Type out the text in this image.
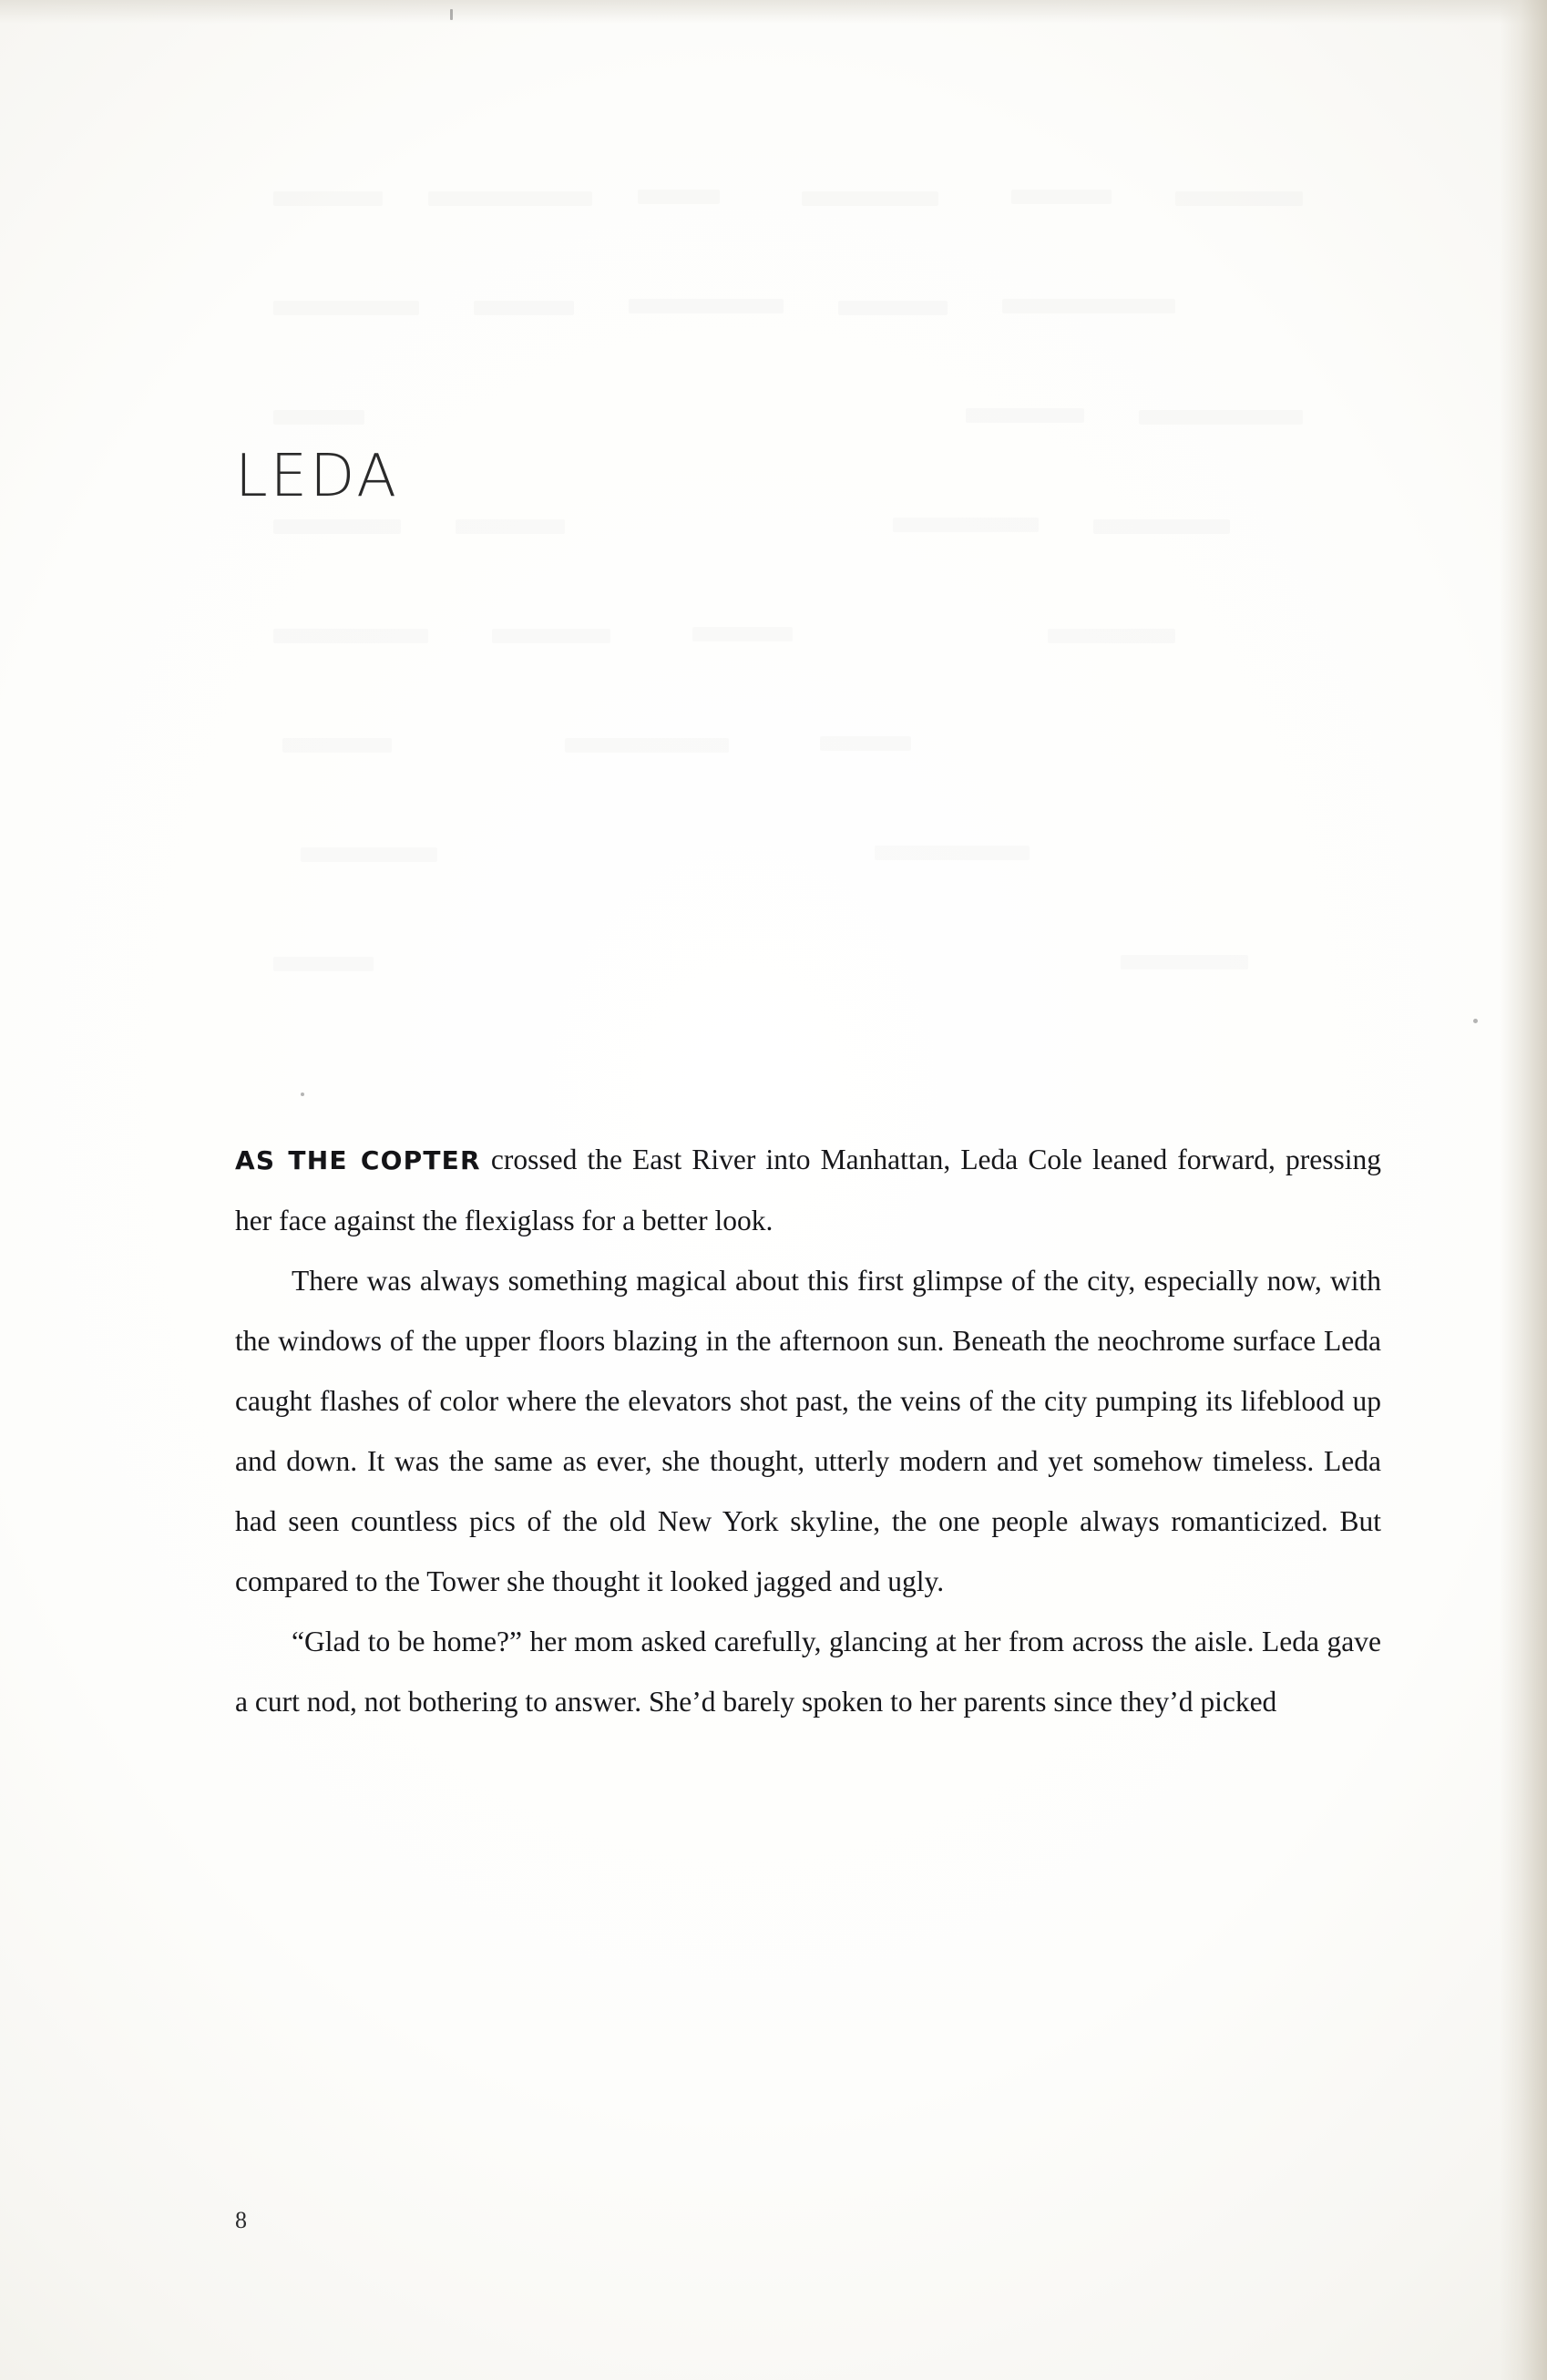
LEDA

AS THE COPTER crossed the East River into Manhattan, Leda Cole leaned forward, pressing her face against the flexiglass for a better look.

There was always something magical about this first glimpse of the city, especially now, with the windows of the upper floors blazing in the afternoon sun. Beneath the neochrome surface Leda caught flashes of color where the elevators shot past, the veins of the city pumping its lifeblood up and down. It was the same as ever, she thought, utterly modern and yet somehow timeless. Leda had seen countless pics of the old New York skyline, the one people always romanticized. But compared to the Tower she thought it looked jagged and ugly.

“Glad to be home?” her mom asked carefully, glancing at her from across the aisle. Leda gave a curt nod, not bothering to answer. She’d barely spoken to her parents since they’d picked

8
